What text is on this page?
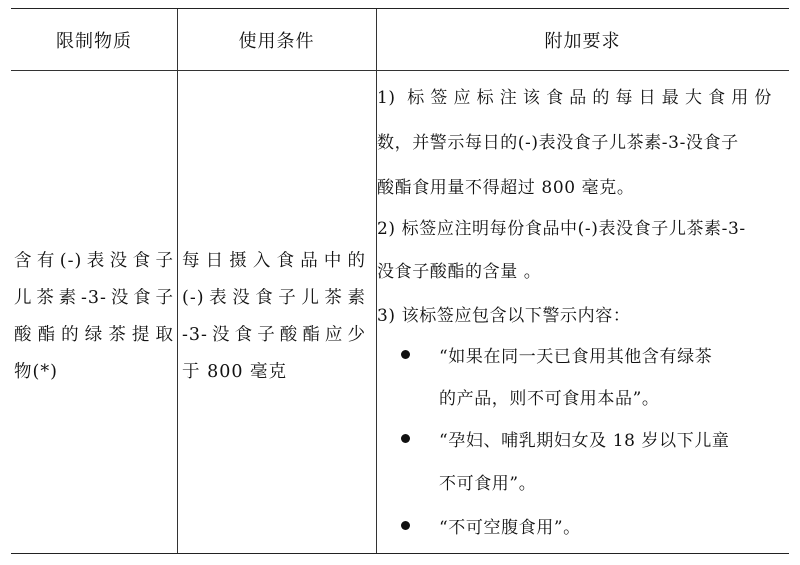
限制物质	使用条件	附加要求
含有(-)表没食子
儿茶素-3-没食子
酸酯的绿茶提取
物(*)
每日摄入食品中的
(-)表没食子儿茶素
-3-没食子酸酯应少
于 800 毫克
1) 标签应标注该食品的每日最大食用份
数，并警示每日的(-)表没食子儿茶素-3-没食子
酸酯食用量不得超过 800 毫克。
2) 标签应注明每份食品中(-)表没食子儿茶素-3-
没食子酸酯的含量 。
3) 该标签应包含以下警示内容：
“如果在同一天已食用其他含有绿茶
的产品，则不可食用本品”。
“孕妇、哺乳期妇女及 18 岁以下儿童
不可食用”。
“不可空腹食用”。
